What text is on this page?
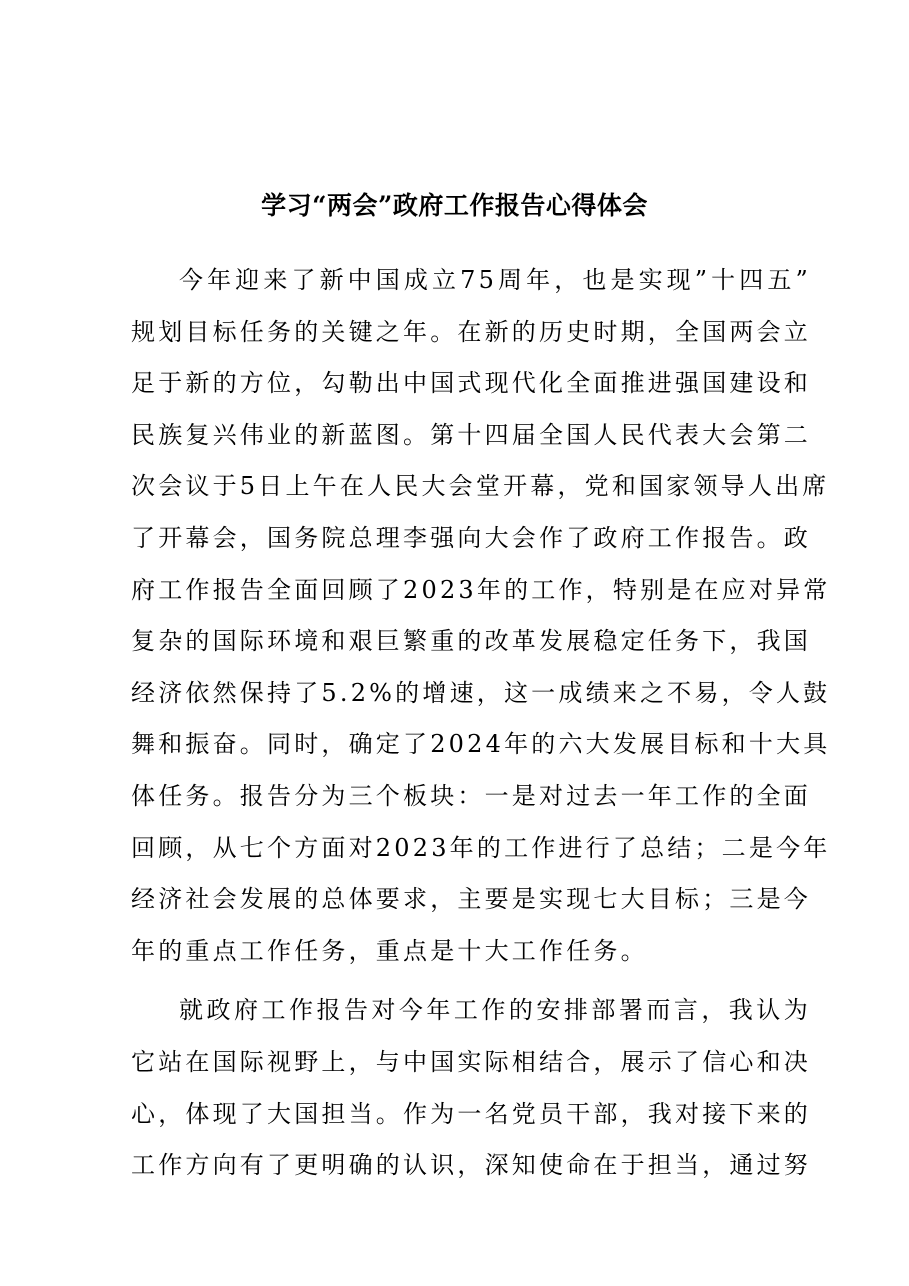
学习“两会”政府工作报告心得体会
今年迎来了新中国成立75周年，也是实现”十四五”
规划目标任务的关键之年。在新的历史时期，全国两会立
足于新的方位，勾勒出中国式现代化全面推进强国建设和
民族复兴伟业的新蓝图。第十四届全国人民代表大会第二
次会议于5日上午在人民大会堂开幕，党和国家领导人出席
了开幕会，国务院总理李强向大会作了政府工作报告。政
府工作报告全面回顾了2023年的工作，特别是在应对异常
复杂的国际环境和艰巨繁重的改革发展稳定任务下，我国
经济依然保持了5.2%的增速，这一成绩来之不易，令人鼓
舞和振奋。同时，确定了2024年的六大发展目标和十大具
体任务。报告分为三个板块：一是对过去一年工作的全面
回顾，从七个方面对2023年的工作进行了总结；二是今年
经济社会发展的总体要求，主要是实现七大目标；三是今
年的重点工作任务，重点是十大工作任务。
就政府工作报告对今年工作的安排部署而言，我认为
它站在国际视野上，与中国实际相结合，展示了信心和决
心，体现了大国担当。作为一名党员干部，我对接下来的
工作方向有了更明确的认识，深知使命在于担当，通过努
